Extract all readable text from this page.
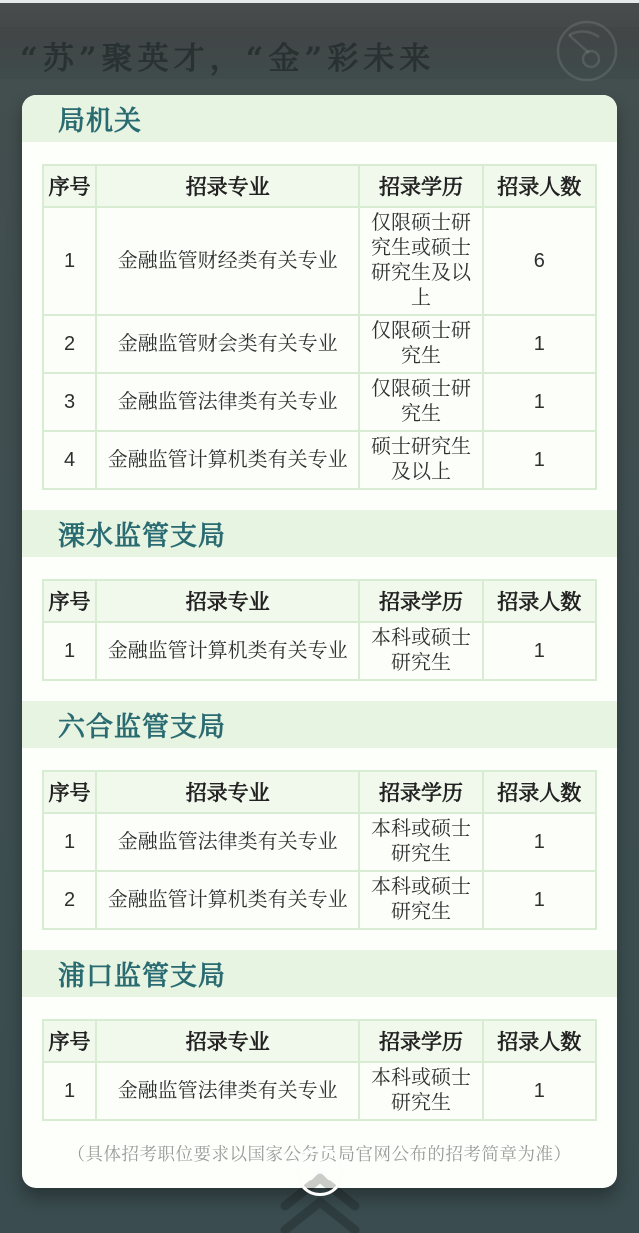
“苏”聚英才，“金”彩未来
局机关
序号	招录专业	招录学历	招录人数
1	金融监管财经类有关专业	仅限硕士研究生或硕士研究生及以上	6
2	金融监管财会类有关专业	仅限硕士研究生	1
3	金融监管法律类有关专业	仅限硕士研究生	1
4	金融监管计算机类有关专业	硕士研究生及以上	1
溧水监管支局
序号	招录专业	招录学历	招录人数
1	金融监管计算机类有关专业	本科或硕士研究生	1
六合监管支局
序号	招录专业	招录学历	招录人数
1	金融监管法律类有关专业	本科或硕士研究生	1
2	金融监管计算机类有关专业	本科或硕士研究生	1
浦口监管支局
序号	招录专业	招录学历	招录人数
1	金融监管法律类有关专业	本科或硕士研究生	1
（具体招考职位要求以国家公务员局官网公布的招考简章为准）
